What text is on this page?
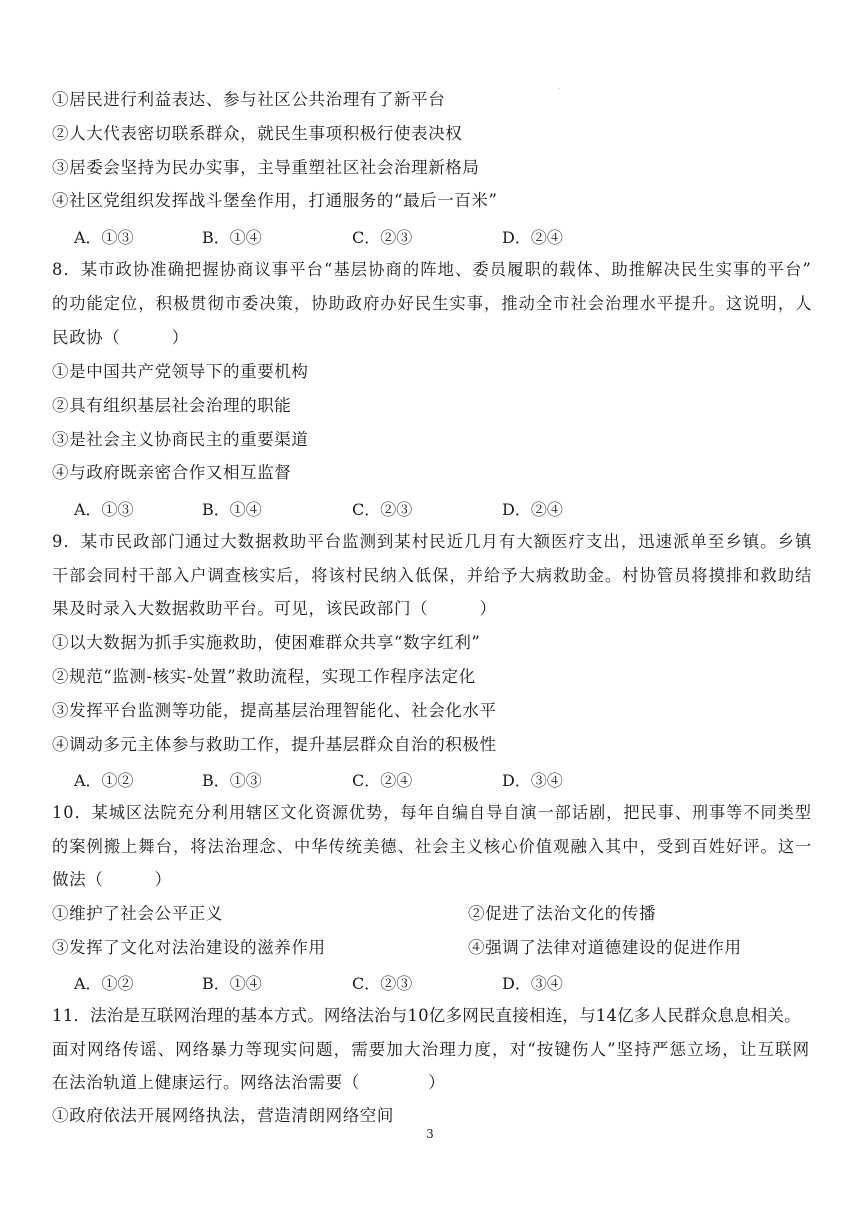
·
①居民进行利益表达、参与社区公共治理有了新平台
②人大代表密切联系群众，就民生事项积极行使表决权
③居委会坚持为民办实事，主导重塑社区社会治理新格局
④社区党组织发挥战斗堡垒作用，打通服务的“最后一百米”
A．①③	B．①④	C．②③	D．②④
8．某市政协准确把握协商议事平台“基层协商的阵地、委员履职的载体、助推解决民生实事的平台”
的功能定位，积极贯彻市委决策，协助政府办好民生实事，推动全市社会治理水平提升。这说明，人
民政协（　　　）
①是中国共产党领导下的重要机构
②具有组织基层社会治理的职能
③是社会主义协商民主的重要渠道
④与政府既亲密合作又相互监督
A．①③	B．①④	C．②③	D．②④
9．某市民政部门通过大数据救助平台监测到某村民近几月有大额医疗支出，迅速派单至乡镇。乡镇
干部会同村干部入户调查核实后，将该村民纳入低保，并给予大病救助金。村协管员将摸排和救助结
果及时录入大数据救助平台。可见，该民政部门（　　　）
①以大数据为抓手实施救助，使困难群众共享“数字红利”
②规范“监测-核实-处置”救助流程，实现工作程序法定化
③发挥平台监测等功能，提高基层治理智能化、社会化水平
④调动多元主体参与救助工作，提升基层群众自治的积极性
A．①②	B．①③	C．②④	D．③④
10．某城区法院充分利用辖区文化资源优势，每年自编自导自演一部话剧，把民事、刑事等不同类型
的案例搬上舞台，将法治理念、中华传统美德、社会主义核心价值观融入其中，受到百姓好评。这一
做法（　　　）
①维护了社会公平正义	②促进了法治文化的传播
③发挥了文化对法治建设的滋养作用	④强调了法律对道德建设的促进作用
A．①②	B．①④	C．②③	D．③④
11．法治是互联网治理的基本方式。网络法治与10亿多网民直接相连，与14亿多人民群众息息相关。
面对网络传谣、网络暴力等现实问题，需要加大治理力度，对“按键伤人”坚持严惩立场，让互联网
在法治轨道上健康运行。网络法治需要（　　　　）
①政府依法开展网络执法，营造清朗网络空间
3
